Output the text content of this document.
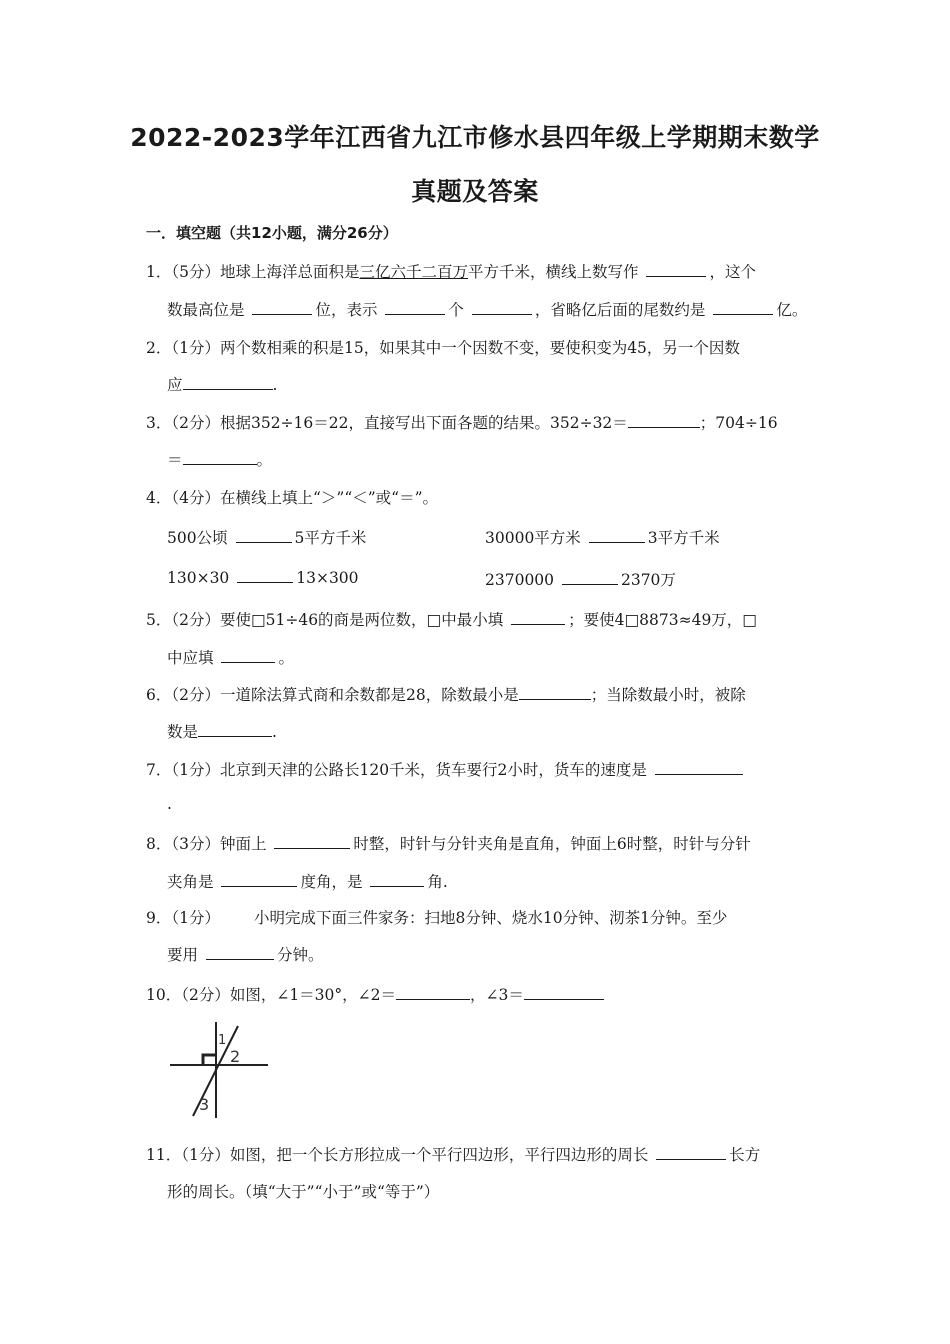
2022-2023学年江西省九江市修水县四年级上学期期末数学
真题及答案
一．填空题（共12小题，满分26分）
1．（5分）地球上海洋总面积是三亿六千二百万平方千米，横线上数写作	，这个
数最高位是	位，表示	个	，省略亿后面的尾数约是	亿。
2．（1分）两个数相乘的积是15，如果其中一个因数不变，要使积变为45，另一个因数
应	.
3．（2分）根据352÷16＝22，直接写出下面各题的结果。352÷32＝	；704÷16
＝	。
4．（4分）在横线上填上“＞”“＜”或“＝”。
500公顷	5平方千米	30000平方米	3平方千米
130×30	13×300	2370000	2370万
5．（2分）要使□51÷46的商是两位数，□中最小填	；要使4□8873≈49万，□
中应填	。
6．（2分）一道除法算式商和余数都是28，除数最小是	；当除数最小时，被除
数是	.
7．（1分）北京到天津的公路长120千米，货车要行2小时，货车的速度是
.
8．（3分）钟面上	时整，时针与分针夹角是直角，钟面上6时整，时针与分针
夹角是	度角，是	角.
9．（1分） 小明完成下面三件家务：扫地8分钟、烧水10分钟、沏茶1分钟。至少
要用	分钟。
10．（2分）如图，∠1＝30°，∠2＝	，∠3＝
1
2
3
11．（1分）如图，把一个长方形拉成一个平行四边形，平行四边形的周长	长方
形的周长。（填“大于”“小于”或“等于”）
